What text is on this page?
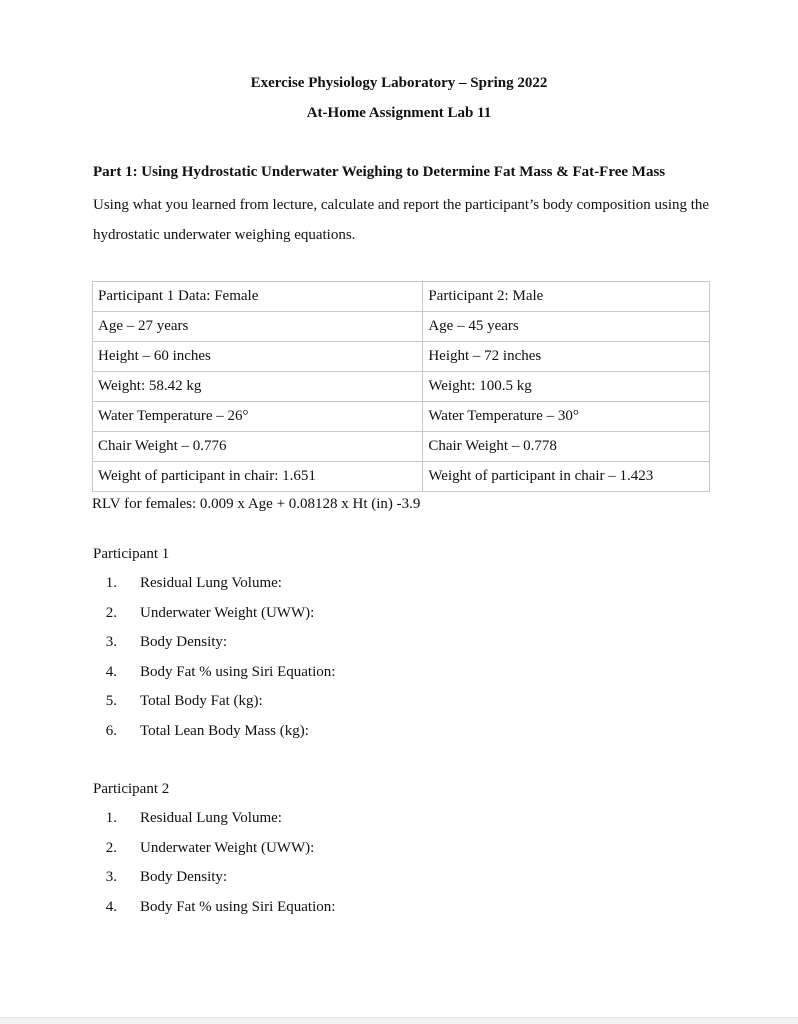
Exercise Physiology Laboratory – Spring 2022
At-Home Assignment Lab 11
Part 1: Using Hydrostatic Underwater Weighing to Determine Fat Mass & Fat-Free Mass
Using what you learned from lecture, calculate and report the participant’s body composition using the hydrostatic underwater weighing equations.
Participant 1 Data: Female	Participant 2: Male
Age – 27 years	Age – 45 years
Height – 60 inches	Height – 72 inches
Weight: 58.42 kg	Weight: 100.5 kg
Water Temperature – 26°	Water Temperature – 30°
Chair Weight – 0.776	Chair Weight – 0.778
Weight of participant in chair: 1.651	Weight of participant in chair – 1.423
RLV for females: 0.009 x Age + 0.08128 x Ht (in) -3.9
Participant 1
1. Residual Lung Volume:
2. Underwater Weight (UWW):
3. Body Density:
4. Body Fat % using Siri Equation:
5. Total Body Fat (kg):
6. Total Lean Body Mass (kg):
Participant 2
1. Residual Lung Volume:
2. Underwater Weight (UWW):
3. Body Density:
4. Body Fat % using Siri Equation:
